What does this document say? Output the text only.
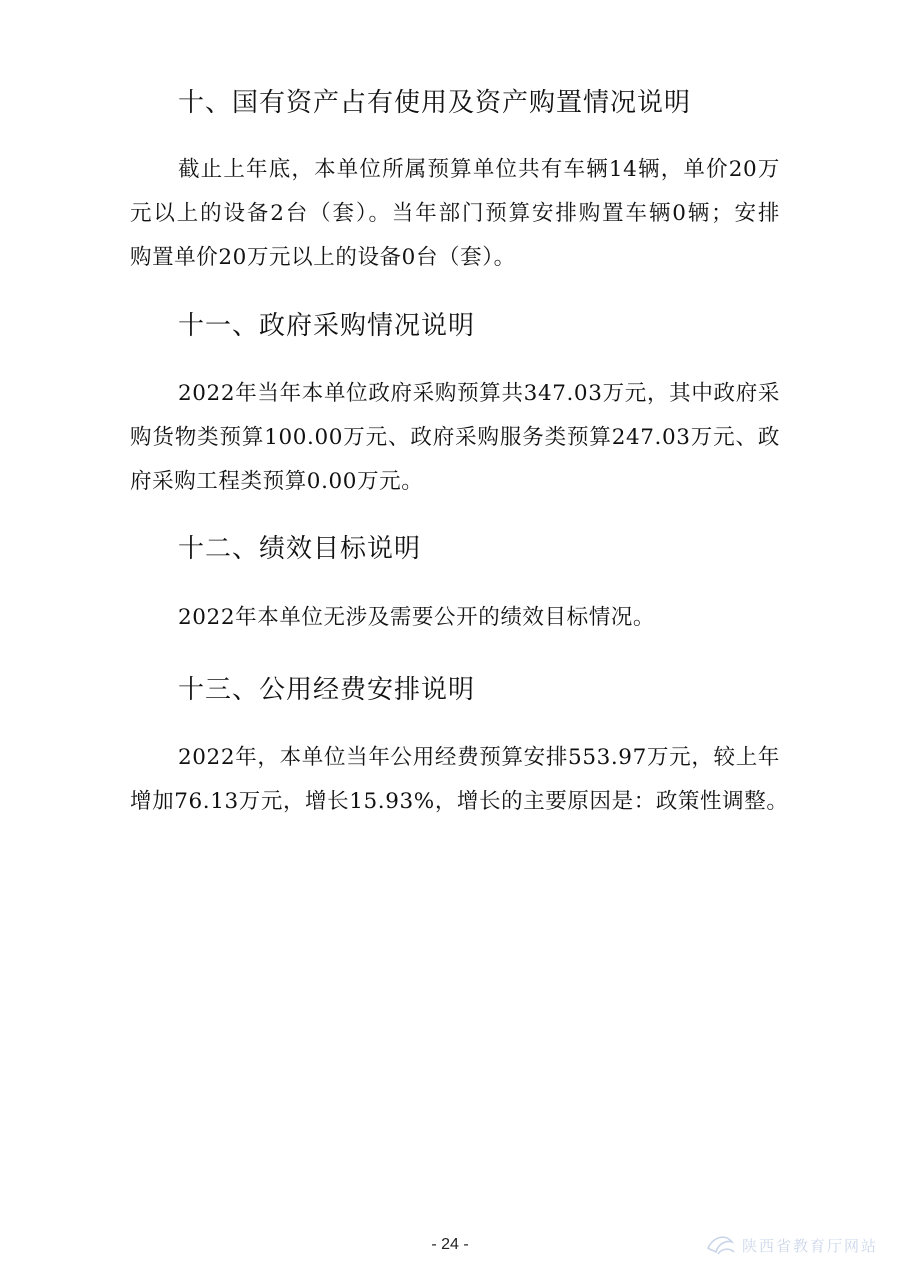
十、国有资产占有使用及资产购置情况说明
截止上年底，本单位所属预算单位共有车辆14辆，单价20万
元以上的设备2台（套）。当年部门预算安排购置车辆0辆；安排
购置单价20万元以上的设备0台（套）。
十一、政府采购情况说明
2022年当年本单位政府采购预算共347.03万元，其中政府采
购货物类预算100.00万元、政府采购服务类预算247.03万元、政
府采购工程类预算0.00万元。
十二、绩效目标说明
2022年本单位无涉及需要公开的绩效目标情况。
十三、公用经费安排说明
2022年，本单位当年公用经费预算安排553.97万元，较上年
增加76.13万元，增长15.93%，增长的主要原因是：政策性调整。
- 24 -	陕西省教育厅网站
